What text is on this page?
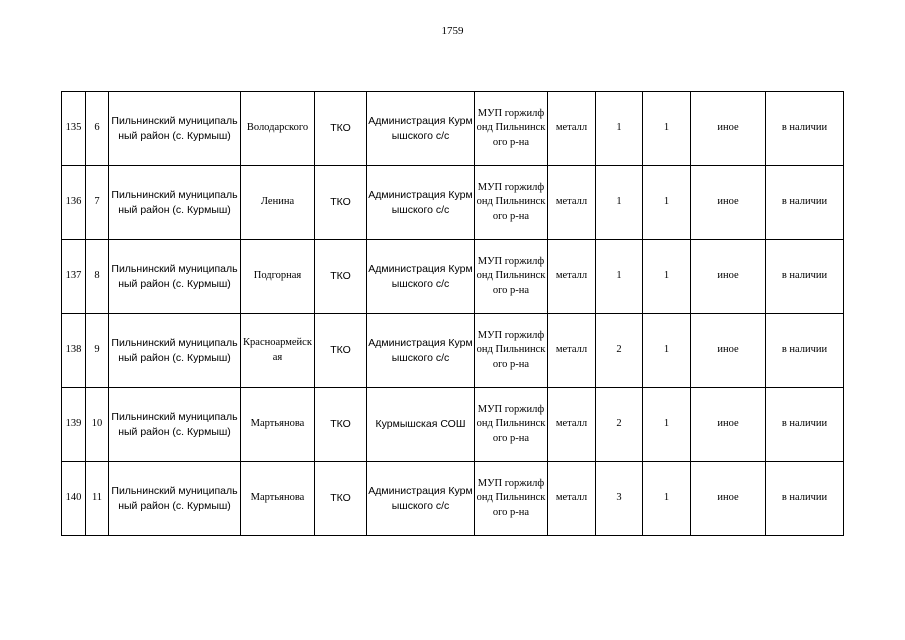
1759
135	6	Пильнинский муниципальный район (с. Курмыш)	Володарского	ТКО	Администрация Курмышского с/с	МУП горжилфонд Пильнинского р-на	металл	1	1	иное	в наличии
136	7	Пильнинский муниципальный район (с. Курмыш)	Ленина	ТКО	Администрация Курмышского с/с	МУП горжилфонд Пильнинского р-на	металл	1	1	иное	в наличии
137	8	Пильнинский муниципальный район (с. Курмыш)	Подгорная	ТКО	Администрация Курмышского с/с	МУП горжилфонд Пильнинского р-на	металл	1	1	иное	в наличии
138	9	Пильнинский муниципальный район (с. Курмыш)	Красноармейская	ТКО	Администрация Курмышского с/с	МУП горжилфонд Пильнинского р-на	металл	2	1	иное	в наличии
139	10	Пильнинский муниципальный район (с. Курмыш)	Мартьянова	ТКО	Курмышская СОШ	МУП горжилфонд Пильнинского р-на	металл	2	1	иное	в наличии
140	11	Пильнинский муниципальный район (с. Курмыш)	Мартьянова	ТКО	Администрация Курмышского с/с	МУП горжилфонд Пильнинского р-на	металл	3	1	иное	в наличии
